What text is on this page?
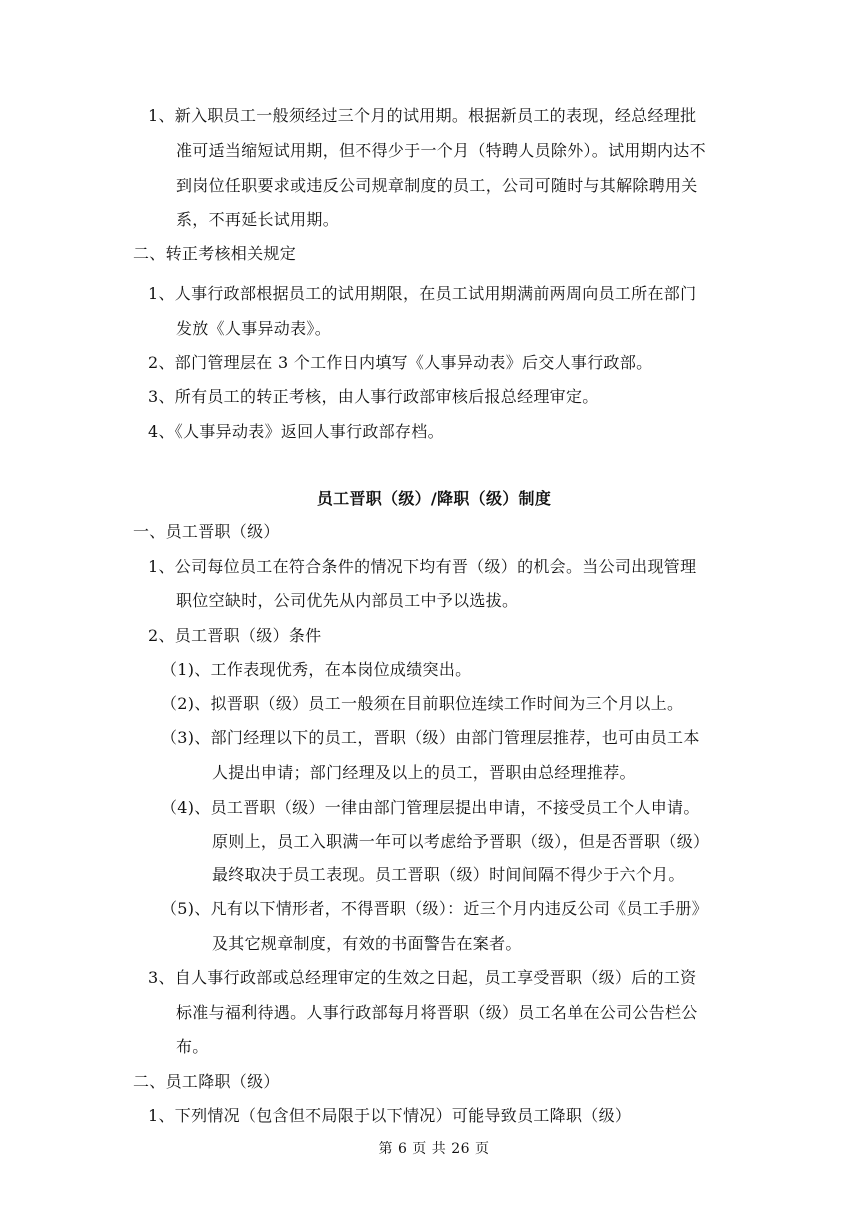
1、新入职员工一般须经过三个月的试用期。根据新员工的表现，经总经理批
准可适当缩短试用期，但不得少于一个月（特聘人员除外）。试用期内达不
到岗位任职要求或违反公司规章制度的员工，公司可随时与其解除聘用关
系，不再延长试用期。
二、转正考核相关规定
1、人事行政部根据员工的试用期限，在员工试用期满前两周向员工所在部门
发放《人事异动表》。
2、部门管理层在 3 个工作日内填写《人事异动表》后交人事行政部。
3、所有员工的转正考核，由人事行政部审核后报总经理审定。
4、《人事异动表》返回人事行政部存档。
员工晋职（级）/降职（级）制度
一、员工晋职（级）
1、公司每位员工在符合条件的情况下均有晋（级）的机会。当公司出现管理
职位空缺时，公司优先从内部员工中予以选拔。
2、员工晋职（级）条件
（1)、工作表现优秀，在本岗位成绩突出。
（2)、拟晋职（级）员工一般须在目前职位连续工作时间为三个月以上。
（3)、部门经理以下的员工，晋职（级）由部门管理层推荐，也可由员工本
人提出申请；部门经理及以上的员工，晋职由总经理推荐。
（4)、员工晋职（级）一律由部门管理层提出申请，不接受员工个人申请。
原则上，员工入职满一年可以考虑给予晋职（级），但是否晋职（级）
最终取决于员工表现。员工晋职（级）时间间隔不得少于六个月。
（5)、凡有以下情形者，不得晋职（级）：近三个月内违反公司《员工手册》
及其它规章制度，有效的书面警告在案者。
3、自人事行政部或总经理审定的生效之日起，员工享受晋职（级）后的工资
标准与福利待遇。人事行政部每月将晋职（级）员工名单在公司公告栏公
布。
二、员工降职（级）
1、下列情况（包含但不局限于以下情况）可能导致员工降职（级）
第 6 页 共 26 页
